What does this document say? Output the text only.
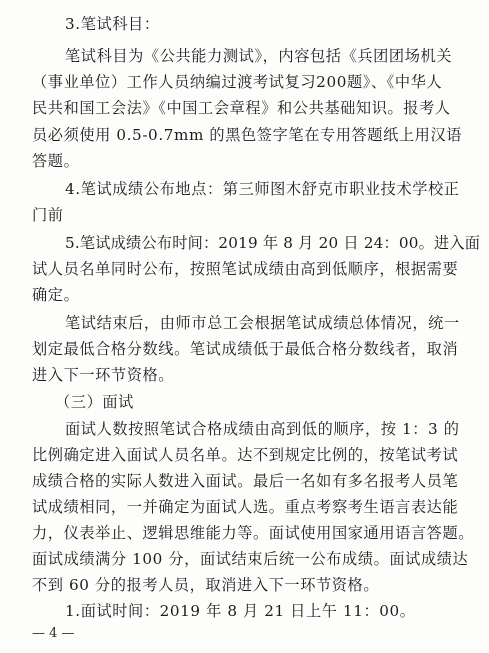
3.笔试科目：
笔试科目为《公共能力测试》，内容包括《兵团团场机关
（事业单位）工作人员纳编过渡考试复习200题》、《中华人
民共和国工会法》《中国工会章程》和公共基础知识。报考人
员必须使用 0.5-0.7mm 的黑色签字笔在专用答题纸上用汉语
答题。
4.笔试成绩公布地点：第三师图木舒克市职业技术学校正
门前
5.笔试成绩公布时间：2019 年 8 月 20 日 24：00。进入面
试人员名单同时公布，按照笔试成绩由高到低顺序，根据需要
确定。
笔试结束后，由师市总工会根据笔试成绩总体情况，统一
划定最低合格分数线。笔试成绩低于最低合格分数线者，取消
进入下一环节资格。
（三）面试
面试人数按照笔试合格成绩由高到低的顺序，按 1：3 的
比例确定进入面试人员名单。达不到规定比例的，按笔试考试
成绩合格的实际人数进入面试。最后一名如有多名报考人员笔
试成绩相同，一并确定为面试人选。重点考察考生语言表达能
力，仪表举止、逻辑思维能力等。面试使用国家通用语言答题。
面试成绩满分 100 分，面试结束后统一公布成绩。面试成绩达
不到 60 分的报考人员，取消进入下一环节资格。
1.面试时间：2019 年 8 月 21 日上午 11：00。
— 4 —
